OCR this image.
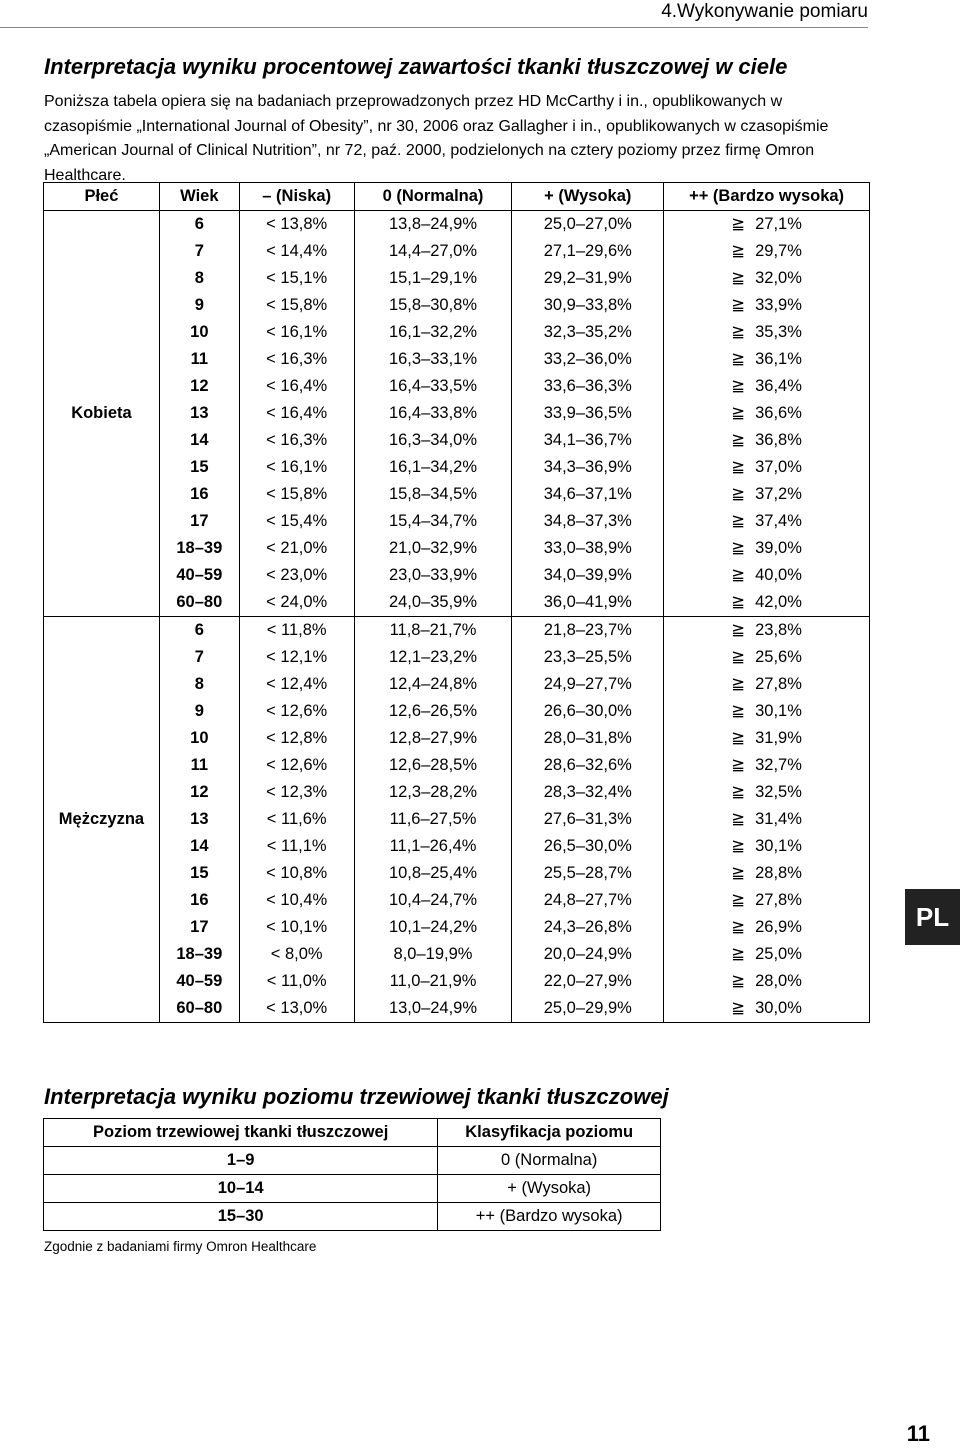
4.Wykonywanie pomiaru
Interpretacja wyniku procentowej zawartości tkanki tłuszczowej w ciele

Poniższa tabela opiera się na badaniach przeprowadzonych przez HD McCarthy i in., opublikowanych w czasopiśmie „International Journal of Obesity”, nr 30, 2006 oraz Gallagher i in., opublikowanych w czasopiśmie „American Journal of Clinical Nutrition”, nr 72, paź. 2000, podzielonych na cztery poziomy przez firmę Omron Healthcare.

Płeć	Wiek	– (Niska)	0 (Normalna)	+ (Wysoka)	++ (Bardzo wysoka)
Kobieta	6	< 13,8%	13,8–24,9%	25,0–27,0%	≧ 27,1%
	7	< 14,4%	14,4–27,0%	27,1–29,6%	≧ 29,7%
	8	< 15,1%	15,1–29,1%	29,2–31,9%	≧ 32,0%
	9	< 15,8%	15,8–30,8%	30,9–33,8%	≧ 33,9%
	10	< 16,1%	16,1–32,2%	32,3–35,2%	≧ 35,3%
	11	< 16,3%	16,3–33,1%	33,2–36,0%	≧ 36,1%
	12	< 16,4%	16,4–33,5%	33,6–36,3%	≧ 36,4%
	13	< 16,4%	16,4–33,8%	33,9–36,5%	≧ 36,6%
	14	< 16,3%	16,3–34,0%	34,1–36,7%	≧ 36,8%
	15	< 16,1%	16,1–34,2%	34,3–36,9%	≧ 37,0%
	16	< 15,8%	15,8–34,5%	34,6–37,1%	≧ 37,2%
	17	< 15,4%	15,4–34,7%	34,8–37,3%	≧ 37,4%
	18–39	< 21,0%	21,0–32,9%	33,0–38,9%	≧ 39,0%
	40–59	< 23,0%	23,0–33,9%	34,0–39,9%	≧ 40,0%
	60–80	< 24,0%	24,0–35,9%	36,0–41,9%	≧ 42,0%
Mężczyzna	6	< 11,8%	11,8–21,7%	21,8–23,7%	≧ 23,8%
	7	< 12,1%	12,1–23,2%	23,3–25,5%	≧ 25,6%
	8	< 12,4%	12,4–24,8%	24,9–27,7%	≧ 27,8%
	9	< 12,6%	12,6–26,5%	26,6–30,0%	≧ 30,1%
	10	< 12,8%	12,8–27,9%	28,0–31,8%	≧ 31,9%
	11	< 12,6%	12,6–28,5%	28,6–32,6%	≧ 32,7%
	12	< 12,3%	12,3–28,2%	28,3–32,4%	≧ 32,5%
	13	< 11,6%	11,6–27,5%	27,6–31,3%	≧ 31,4%
	14	< 11,1%	11,1–26,4%	26,5–30,0%	≧ 30,1%
	15	< 10,8%	10,8–25,4%	25,5–28,7%	≧ 28,8%
	16	< 10,4%	10,4–24,7%	24,8–27,7%	≧ 27,8%
	17	< 10,1%	10,1–24,2%	24,3–26,8%	≧ 26,9%
	18–39	< 8,0%	8,0–19,9%	20,0–24,9%	≧ 25,0%
	40–59	< 11,0%	11,0–21,9%	22,0–27,9%	≧ 28,0%
	60–80	< 13,0%	13,0–24,9%	25,0–29,9%	≧ 30,0%
Interpretacja wyniku poziomu trzewiowej tkanki tłuszczowej
Poziom trzewiowej tkanki tłuszczowej	Klasyfikacja poziomu
1–9	0 (Normalna)
10–14	+ (Wysoka)
15–30	++ (Bardzo wysoka)
Zgodnie z badaniami firmy Omron Healthcare
PL
11
